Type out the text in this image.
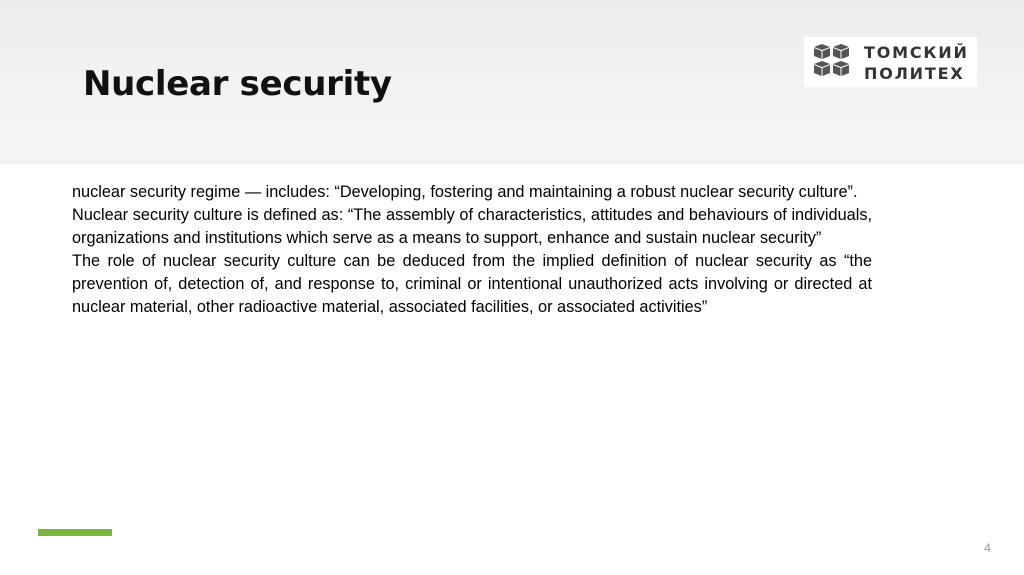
Nuclear security
ТОМСКИЙ
ПОЛИТЕХ

nuclear security regime — includes: “Developing, fostering and maintaining a robust nuclear security culture”.

Nuclear security culture is defined as: “The assembly of characteristics, attitudes and behaviours of individuals, organizations and institutions which serve as a means to support, enhance and sustain nuclear security”

The role of nuclear security culture can be deduced from the implied definition of nuclear security as “the prevention of, detection of, and response to, criminal or intentional unauthorized acts involving or directed at nuclear material, other radioactive material, associated facilities, or associated activities”

4
